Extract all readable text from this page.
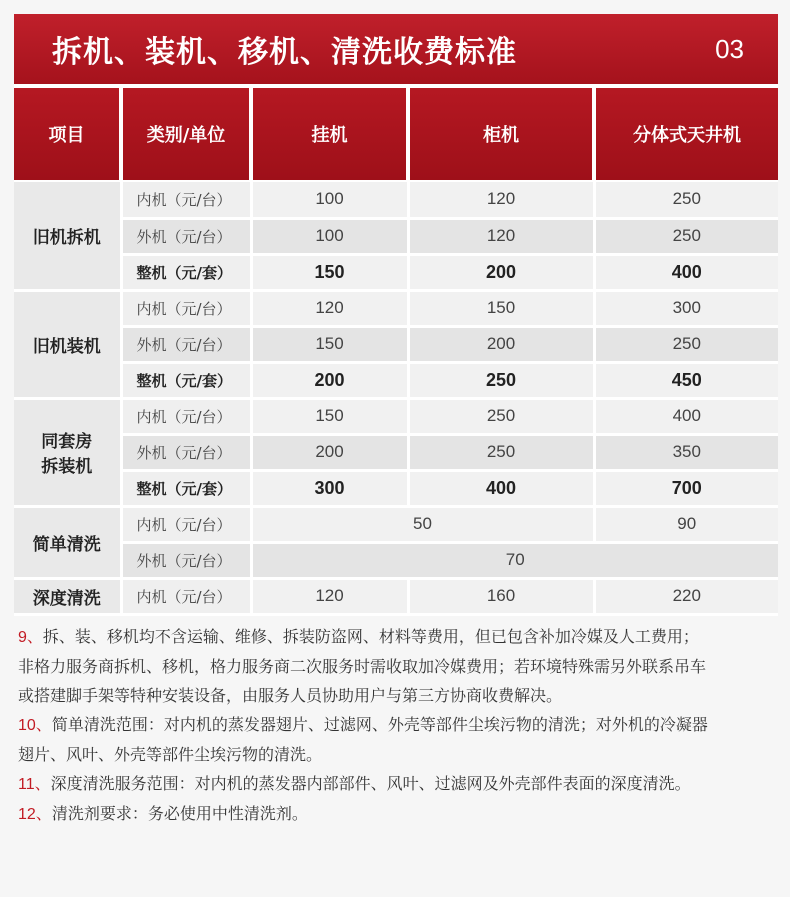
拆机、装机、移机、清洗收费标准	03
项目	类别/单位	挂机	柜机	分体式天井机

旧机拆机	内机（元/台）	100	120	250
	外机（元/台）	100	120	250
	整机（元/套）	150	200	400
旧机装机	内机（元/台）	120	150	300
	外机（元/台）	150	200	250
	整机（元/套）	200	250	450
同套房
拆装机	内机（元/台）	150	250	400
	外机（元/台）	200	250	350
	整机（元/套）	300	400	700
简单清洗	内机（元/台）	50		90
	外机（元/台）	70		
深度清洗	内机（元/台）	120	160	220
9、拆、装、移机均不含运输、维修、拆装防盗网、材料等费用，但已包含补加冷媒及人工费用；
非格力服务商拆机、移机，格力服务商二次服务时需收取加冷媒费用；若环境特殊需另外联系吊车
或搭建脚手架等特种安装设备，由服务人员协助用户与第三方协商收费解决。
10、简单清洗范围：对内机的蒸发器翅片、过滤网、外壳等部件尘埃污物的清洗；对外机的冷凝器
翅片、风叶、外壳等部件尘埃污物的清洗。
11、深度清洗服务范围：对内机的蒸发器内部部件、风叶、过滤网及外壳部件表面的深度清洗。
12、清洗剂要求：务必使用中性清洗剂。
